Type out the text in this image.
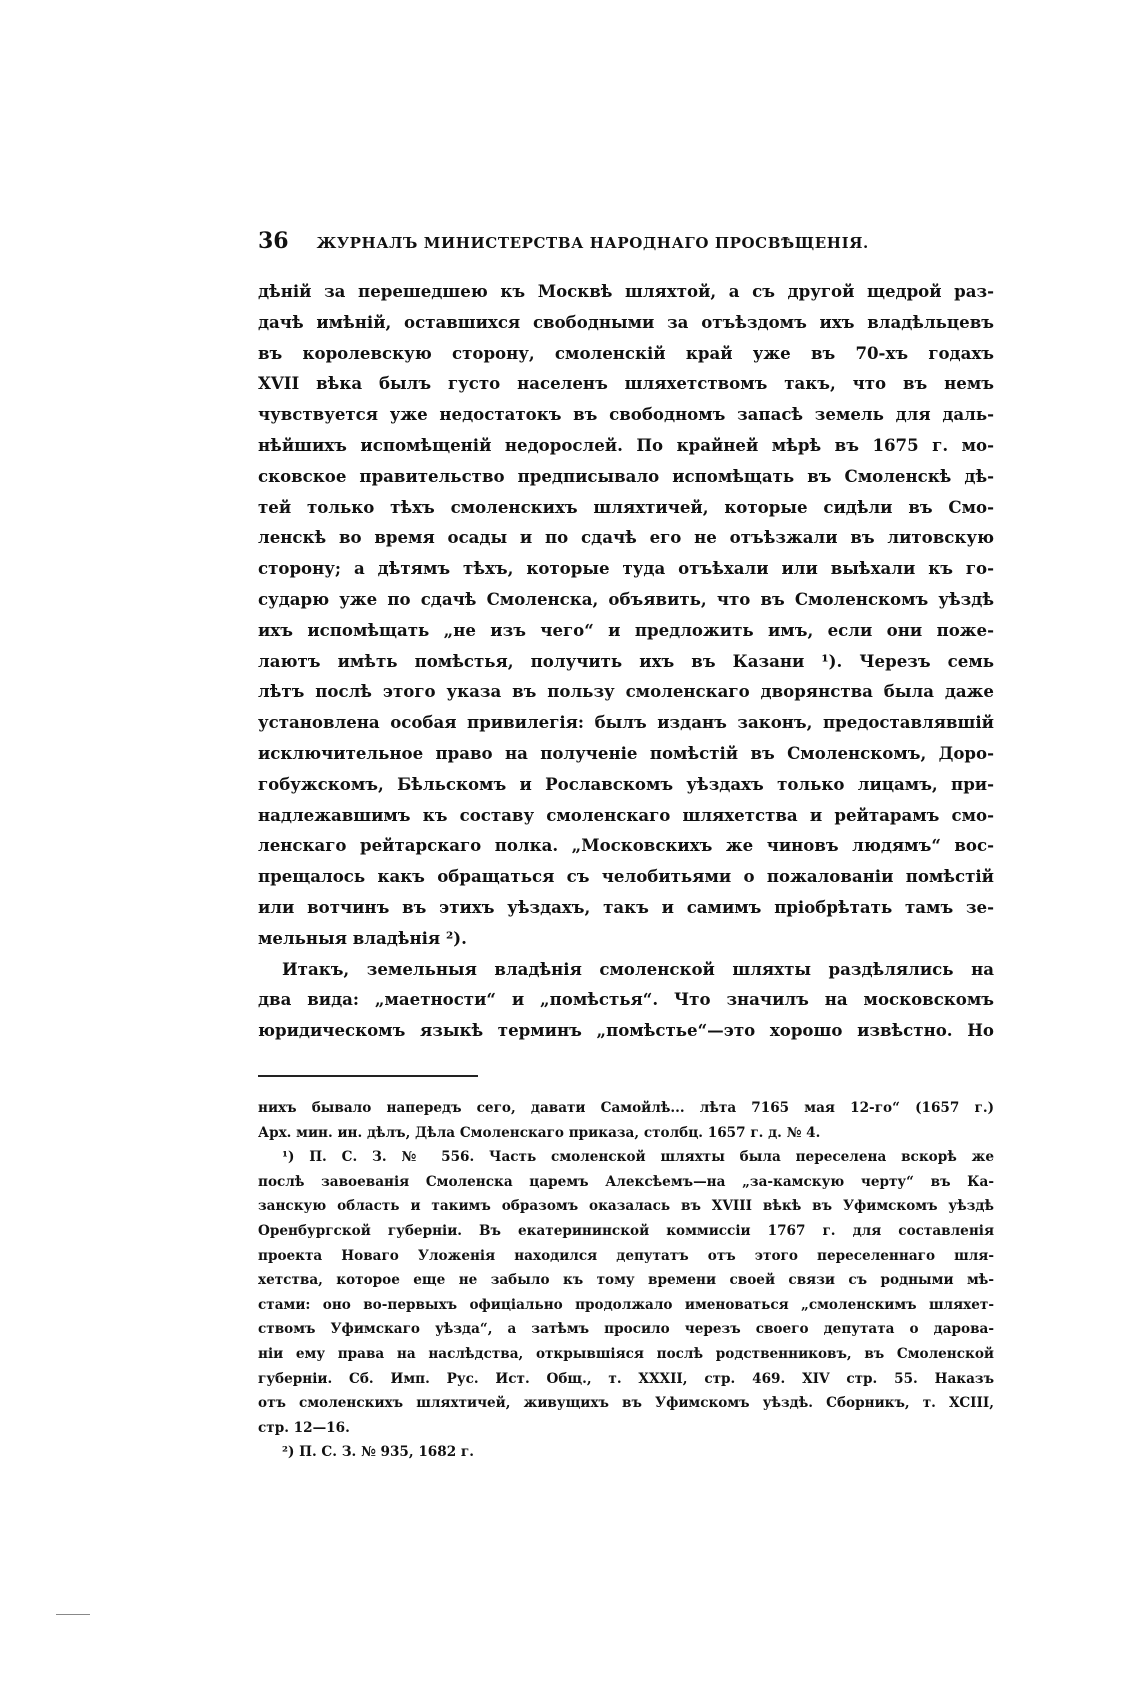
36 ЖУРНАЛЪ МИНИСТЕРСТВА НАРОДНАГО ПРОСВѢЩЕНІЯ.
дѣній за перешедшею къ Москвѣ шляхтой, а съ другой щедрой раз-
дачѣ имѣній, оставшихся свободными за отъѣздомъ ихъ владѣльцевъ
въ королевскую сторону, смоленскій край уже въ 70-хъ годахъ
XVII вѣка былъ густо населенъ шляхетствомъ такъ, что въ немъ
чувствуется уже недостатокъ въ свободномъ запасѣ земель для даль-
нѣйшихъ испомѣщеній недорослей. По крайней мѣрѣ въ 1675 г. мо-
сковское правительство предписывало испомѣщать въ Смоленскѣ дѣ-
тей только тѣхъ смоленскихъ шляхтичей, которые сидѣли въ Смо-
ленскѣ во время осады и по сдачѣ его не отъѣзжали въ литовскую
сторону; а дѣтямъ тѣхъ, которые туда отъѣхали или выѣхали къ го-
сударю уже по сдачѣ Смоленска, объявить, что въ Смоленскомъ уѣздѣ
ихъ испомѣщать „не изъ чего“ и предложить имъ, если они поже-
лаютъ имѣть помѣстья, получить ихъ въ Казани ¹). Черезъ семь
лѣтъ послѣ этого указа въ пользу смоленскаго дворянства была даже
установлена особая привилегія: былъ изданъ законъ, предоставлявшій
исключительное право на полученіе помѣстій въ Смоленскомъ, Доро-
гобужскомъ, Бѣльскомъ и Рославскомъ уѣздахъ только лицамъ, при-
надлежавшимъ къ составу смоленскаго шляхетства и рейтарамъ смо-
ленскаго рейтарскаго полка. „Московскихъ же чиновъ людямъ“ вос-
прещалось какъ обращаться съ челобитьями о пожалованіи помѣстій
или вотчинъ въ этихъ уѣздахъ, такъ и самимъ пріобрѣтать тамъ зе-
мельныя владѣнія ²).
Итакъ, земельныя владѣнія смоленской шляхты раздѣлялись на
два вида: „маетности“ и „помѣстья“. Что значилъ на московскомъ
юридическомъ языкѣ терминъ „помѣстье“—это хорошо извѣстно. Но
нихъ бывало напередъ сего, давати Самойлѣ... лѣта 7165 мая 12-го“ (1657 г.)
Арх. мин. ин. дѣлъ, Дѣла Смоленскаго приказа, столбц. 1657 г. д. № 4.
¹) П. С. З. № 556. Часть смоленской шляхты была переселена вскорѣ же
послѣ завоеванія Смоленска царемъ Алексѣемъ—на „за-камскую черту“ въ Ка-
занскую область и такимъ образомъ оказалась въ XVIII вѣкѣ въ Уфимскомъ уѣздѣ
Оренбургской губерніи. Въ екатерининской коммиссіи 1767 г. для составленія
проекта Новаго Уложенія находился депутатъ отъ этого переселеннаго шля-
хетства, которое еще не забыло къ тому времени своей связи съ родными мѣ-
стами: оно во-первыхъ офиціально продолжало именоваться „смоленскимъ шляхет-
ствомъ Уфимскаго уѣзда“, а затѣмъ просило черезъ своего депутата о дарова-
ніи ему права на наслѣдства, открывшіяся послѣ родственниковъ, въ Смоленской
губерніи. Сб. Имп. Рус. Ист. Общ., т. XXXII, стр. 469. XIV стр. 55. Наказъ
отъ смоленскихъ шляхтичей, живущихъ въ Уфимскомъ уѣздѣ. Сборникъ, т. XCIII,
стр. 12—16.
²) П. С. З. № 935, 1682 г.
